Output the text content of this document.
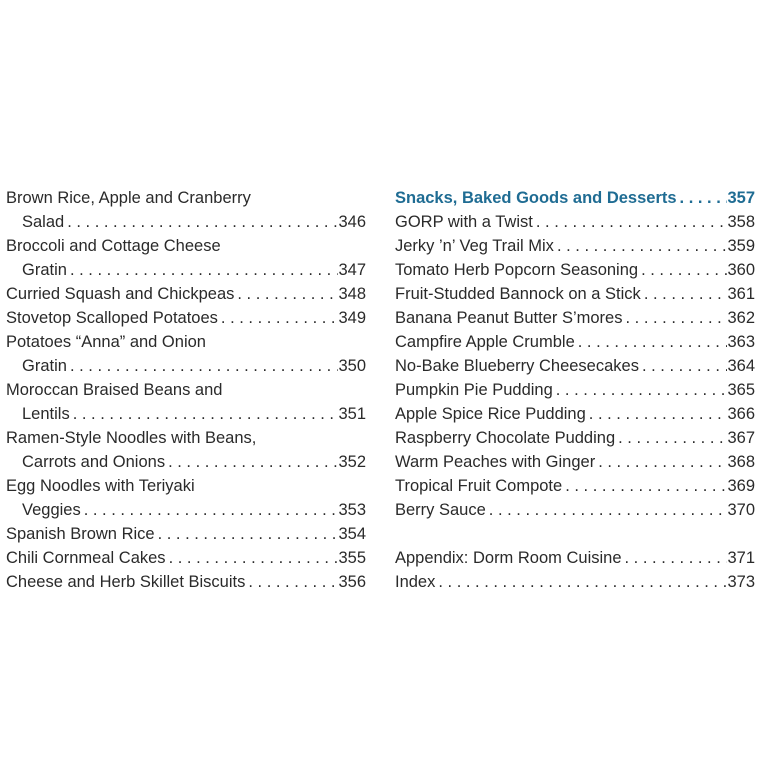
Brown Rice, Apple and Cranberry
Salad . . .	346
Broccoli and Cottage Cheese
Gratin . . .	347
Curried Squash and Chickpeas . . .	348
Stovetop Scalloped Potatoes . . .	349
Potatoes “Anna” and Onion
Gratin . . .	350
Moroccan Braised Beans and
Lentils . . .	351
Ramen-Style Noodles with Beans,
Carrots and Onions . . .	352
Egg Noodles with Teriyaki
Veggies . . .	353
Spanish Brown Rice . . .	354
Chili Cornmeal Cakes . . .	355
Cheese and Herb Skillet Biscuits . . .	356
Snacks, Baked Goods and Desserts . . .	357
GORP with a Twist . . .	358
Jerky ’n’ Veg Trail Mix . . .	359
Tomato Herb Popcorn Seasoning . . .	360
Fruit-Studded Bannock on a Stick . . .	361
Banana Peanut Butter S’mores . . .	362
Campfire Apple Crumble . . .	363
No-Bake Blueberry Cheesecakes . . .	364
Pumpkin Pie Pudding . . .	365
Apple Spice Rice Pudding . . .	366
Raspberry Chocolate Pudding . . .	367
Warm Peaches with Ginger . . .	368
Tropical Fruit Compote . . .	369
Berry Sauce . . .	370
Appendix: Dorm Room Cuisine . . .	371
Index . . .	373
